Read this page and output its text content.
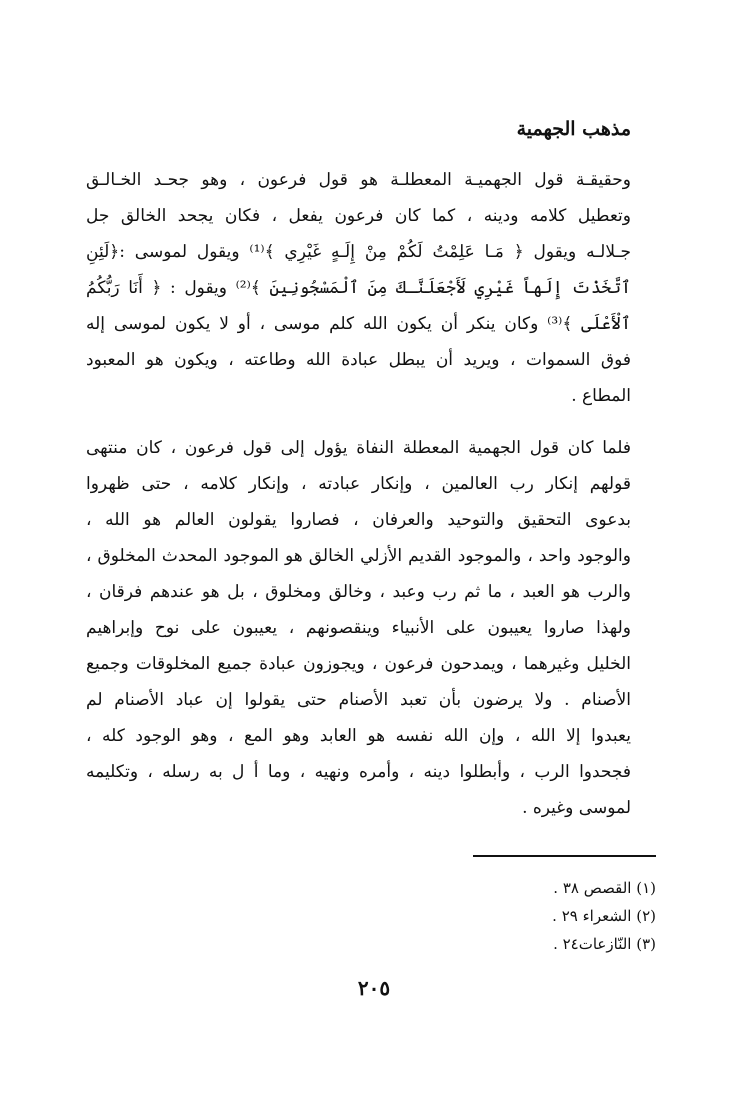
مذهب الجهمية
وحقيقـة قول الجهميـة المعطلـة هو قول فرعون ، وهو جحـد الخـالـق
وتعطيل كلامه ودينه ، كما كان فرعون يفعل ، فكان يجحد الخالق جل
جـلالـه ويقول ﴿ مَـا عَلِمْتُ لَكُمْ مِنْ إِلَـهٍ غَيْرِي ﴾⁽¹⁾ ويقول لموسى :﴿لَئِنِ
ٱتَّخَذْتَ إِلَهاً غَيْرِي لَأَجْعَلَنَّـكَ مِنَ ٱلْمَسْجُونِينَ ﴾⁽²⁾ ويقول : ﴿ أَنَا رَبُّكُمُ
ٱلْأَعْلَى ﴾⁽³⁾ وكان ينكر أن يكون الله كلم موسى ، أو لا يكون لموسى إله
فوق السموات ، ويريد أن يبطل عبادة الله وطاعته ، ويكون هو المعبود
المطاع .
فلما كان قول الجهمية المعطلة النفاة يؤول إلى قول فرعون ، كان منتهى
قولهم إنكار رب العالمين ، وإنكار عبادته ، وإنكار كلامه ، حتى ظهروا
بدعوى التحقيق والتوحيد والعرفان ، فصاروا يقولون العالم هو الله ،
والوجود واحد ، والموجود القديم الأزلي الخالق هو الموجود المحدث المخلوق ،
والرب هو العبد ، ما ثم رب وعبد ، وخالق ومخلوق ، بل هو عندهم فرقان ،
ولهذا صاروا يعيبون على الأنبياء وينقصونهم ، يعيبون على نوح وإبراهيم
الخليل وغيرهما ، ويمدحون فرعون ، ويجوزون عبادة جميع المخلوقات وجميع
الأصنام . ولا يرضون بأن تعبد الأصنام حتى يقولوا إن عباد الأصنام لم
يعبدوا إلا الله ، وإن الله نفسه هو العابد وهو المع ، وهو الوجود كله ،
فجحدوا الرب ، وأبطلوا دينه ، وأمره ونهيه ، وما أ ل به رسله ، وتكليمه
لموسى وغيره .
(١) القصص ٣٨ .
(٢) الشعراء ٢٩ .
(٣) النّازعات٢٤ .
٢٠٥
